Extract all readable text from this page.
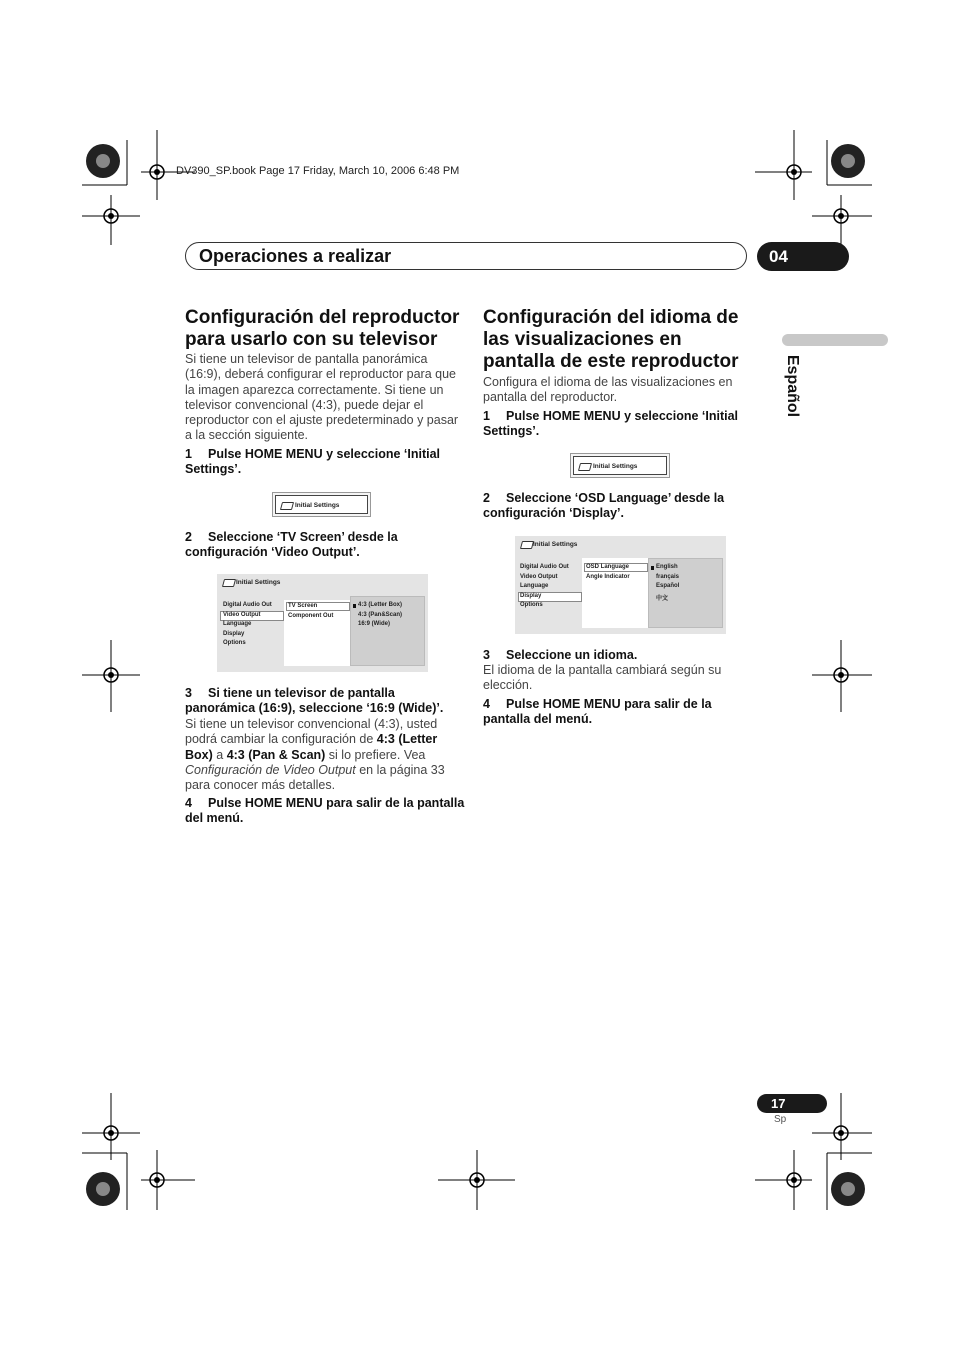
DV390_SP.book Page 17 Friday, March 10, 2006 6:48 PM
Operaciones a realizar	04
Español
Configuración del reproductor para usarlo con su televisor

Si tiene un televisor de pantalla panorámica (16:9), deberá configurar el reproductor para que la imagen aparezca correctamente. Si tiene un televisor convencional (4:3), puede dejar el reproductor con el ajuste predeterminado y pasar a la sección siguiente.

1 Pulse HOME MENU y seleccione ‘Initial Settings’.
Initial Settings
2 Seleccione ‘TV Screen’ desde la configuración ‘Video Output’.
Initial Settings
Digital Audio Out
Video Output
Language
Display
Options
TV Screen
Component Out
4:3 (Letter Box)
4:3 (Pan&Scan)
16:9 (Wide)
3 Si tiene un televisor de pantalla panorámica (16:9), seleccione ‘16:9 (Wide)’.

Si tiene un televisor convencional (4:3), usted podrá cambiar la configuración de 4:3 (Letter Box) a 4:3 (Pan & Scan) si lo prefiere. Vea Configuración de Video Output en la página 33 para conocer más detalles.

4 Pulse HOME MENU para salir de la pantalla del menú.
Configuración del idioma de las visualizaciones en pantalla de este reproductor

Configura el idioma de las visualizaciones en pantalla del reproductor.

1 Pulse HOME MENU y seleccione ‘Initial Settings’.
Initial Settings
2 Seleccione ‘OSD Language’ desde la configuración ‘Display’.
Initial Settings
Digital Audio Out
Video Output
Language
Display
Options
OSD Language
Angle Indicator
English
français
Español
中文
3 Seleccione un idioma.

El idioma de la pantalla cambiará según su elección.

4 Pulse HOME MENU para salir de la pantalla del menú.
17
Sp
